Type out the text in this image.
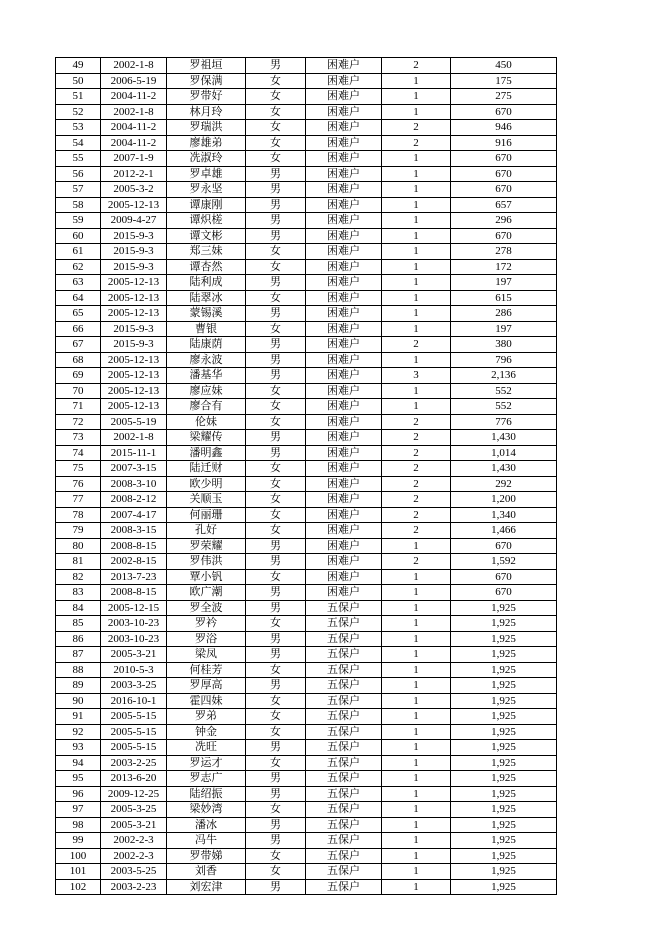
49	2002-1-8	罗祖垣	男	困难户	2	450
50	2006-5-19	罗保满	女	困难户	1	175
51	2004-11-2	罗带好	女	困难户	1	275
52	2002-1-8	林月玲	女	困难户	1	670
53	2004-11-2	罗瑞洪	女	困难户	2	946
54	2004-11-2	廖雄弟	女	困难户	2	916
55	2007-1-9	冼淑玲	女	困难户	1	670
56	2012-2-1	罗卓雄	男	困难户	1	670
57	2005-3-2	罗永坚	男	困难户	1	670
58	2005-12-13	谭康刚	男	困难户	1	657
59	2009-4-27	谭炽槎	男	困难户	1	296
60	2015-9-3	谭文彬	男	困难户	1	670
61	2015-9-3	郑三妹	女	困难户	1	278
62	2015-9-3	谭杏然	女	困难户	1	172
63	2005-12-13	陆利成	男	困难户	1	197
64	2005-12-13	陆翠冰	女	困难户	1	615
65	2005-12-13	蒙锡溪	男	困难户	1	286
66	2015-9-3	曹银	女	困难户	1	197
67	2015-9-3	陆康荫	男	困难户	2	380
68	2005-12-13	廖永波	男	困难户	1	796
69	2005-12-13	潘基华	男	困难户	3	2,136
70	2005-12-13	廖应妹	女	困难户	1	552
71	2005-12-13	廖合有	女	困难户	1	552
72	2005-5-19	伦妹	女	困难户	2	776
73	2002-1-8	梁耀传	男	困难户	2	1,430
74	2015-11-1	潘明鑫	男	困难户	2	1,014
75	2007-3-15	陆迁财	女	困难户	2	1,430
76	2008-3-10	欧少明	女	困难户	2	292
77	2008-2-12	关顺玉	女	困难户	2	1,200
78	2007-4-17	何丽珊	女	困难户	2	1,340
79	2008-3-15	孔好	女	困难户	2	1,466
80	2008-8-15	罗荣耀	男	困难户	1	670
81	2002-8-15	罗伟洪	男	困难户	2	1,592
82	2013-7-23	覃小钒	女	困难户	1	670
83	2008-8-15	欧广潮	男	困难户	1	670
84	2005-12-15	罗全波	男	五保户	1	1,925
85	2003-10-23	罗衿	女	五保户	1	1,925
86	2003-10-23	罗浴	男	五保户	1	1,925
87	2005-3-21	梁凤	男	五保户	1	1,925
88	2010-5-3	何桂芳	女	五保户	1	1,925
89	2003-3-25	罗厚高	男	五保户	1	1,925
90	2016-10-1	霍四妹	女	五保户	1	1,925
91	2005-5-15	罗弟	女	五保户	1	1,925
92	2005-5-15	钟金	女	五保户	1	1,925
93	2005-5-15	冼旺	男	五保户	1	1,925
94	2003-2-25	罗运才	女	五保户	1	1,925
95	2013-6-20	罗志广	男	五保户	1	1,925
96	2009-12-25	陆绍振	男	五保户	1	1,925
97	2005-3-25	梁妙湾	女	五保户	1	1,925
98	2005-3-21	潘冰	男	五保户	1	1,925
99	2002-2-3	冯牛	男	五保户	1	1,925
100	2002-2-3	罗带娣	女	五保户	1	1,925
101	2003-5-25	刘香	女	五保户	1	1,925
102	2003-2-23	刘宏津	男	五保户	1	1,925
